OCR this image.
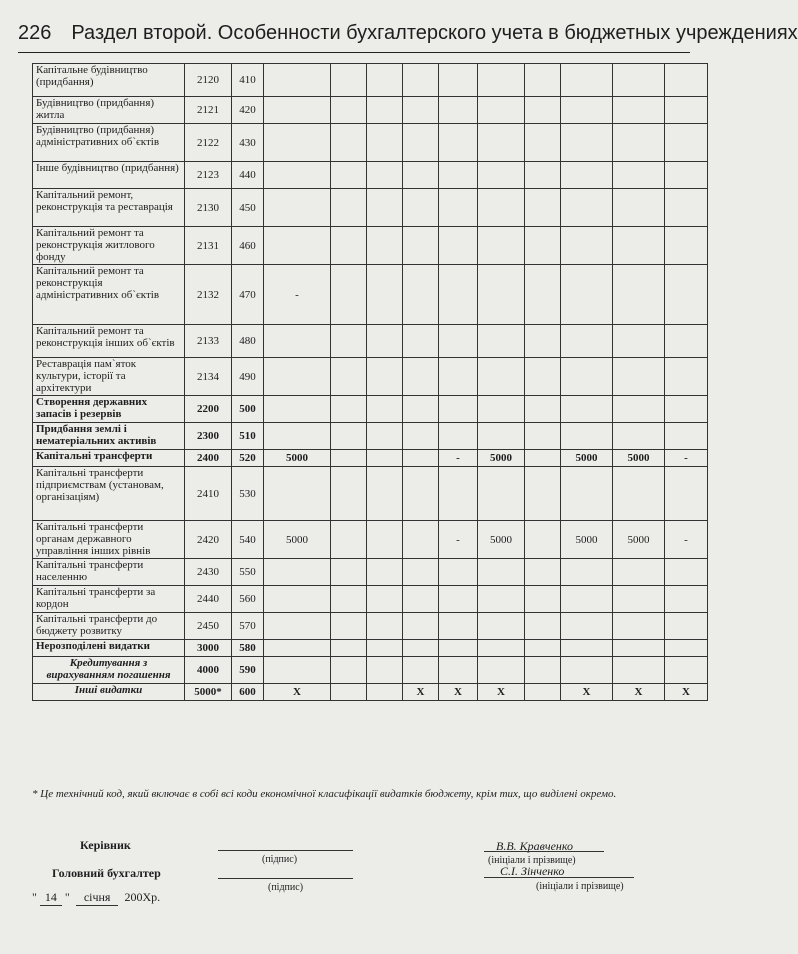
226 Раздел второй. Особенности бухгалтерского учета в бюджетных учреждениях
Капітальне будівництво (придбання)	2120	410										
Будівництво (придбання) житла	2121	420										
Будівництво (придбання) адміністративних об`єктів	2122	430										
Інше будівництво (придбання)	2123	440										
Капітальний ремонт, реконструкція та реставрація	2130	450										
Капітальний ремонт та реконструкція житлового фонду	2131	460										
Капітальний ремонт та реконструкція адміністративних об`єктів	2132	470	-									
Капітальний ремонт та реконструкція інших об`єктів	2133	480										
Реставрація пам`яток культури, історії та архітектури	2134	490										
Створення державних запасів і резервів	2200	500										
Придбання землі і нематеріальних активів	2300	510										
Капітальні трансферти	2400	520	5000				-	5000		5000	5000	-
Капітальні трансферти підприємствам (установам, організаціям)	2410	530										
Капітальні трансферти органам державного управління інших рівнів	2420	540	5000				-	5000		5000	5000	-
Капітальні трансферти населенню	2430	550										
Капітальні трансферти за кордон	2440	560										
Капітальні трансферти до бюджету розвитку	2450	570										
Нерозподілені видатки	3000	580										
Кредитування з вирахуванням погашення	4000	590										
Інші видатки	5000*	600	X			X	X	X		X	X	X
* Це технічний код, який включає в собі всі коди економічної класифікації видатків бюджету, крім тих, що виділені окремо.
Керівник
(підпис)
В.В. Кравченко
(ініціали і прізвище)
Головний бухгалтер
(підпис)
С.І. Зінченко
(ініціали і прізвище)
" 14 "  січня 200Хр.
